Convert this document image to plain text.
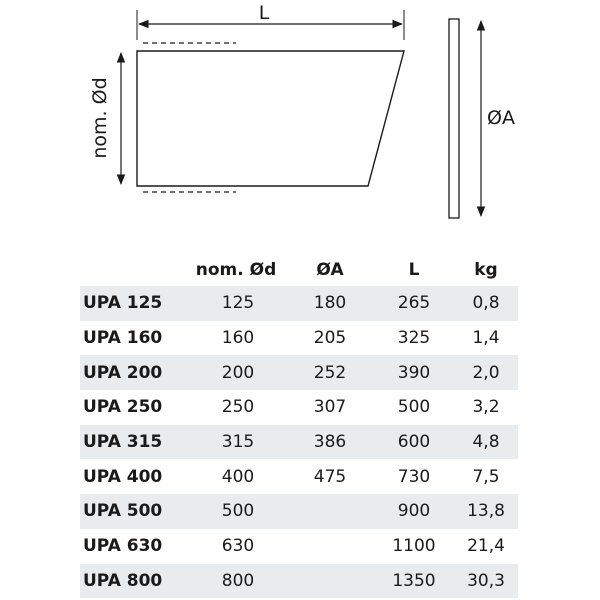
L
nom. Ød	ØA
	nom. Ød	ØA	L	kg
UPA 125	125	180	265	0,8
UPA 160	160	205	325	1,4
UPA 200	200	252	390	2,0
UPA 250	250	307	500	3,2
UPA 315	315	386	600	4,8
UPA 400	400	475	730	7,5
UPA 500	500		900	13,8
UPA 630	630		1100	21,4
UPA 800	800		1350	30,3
